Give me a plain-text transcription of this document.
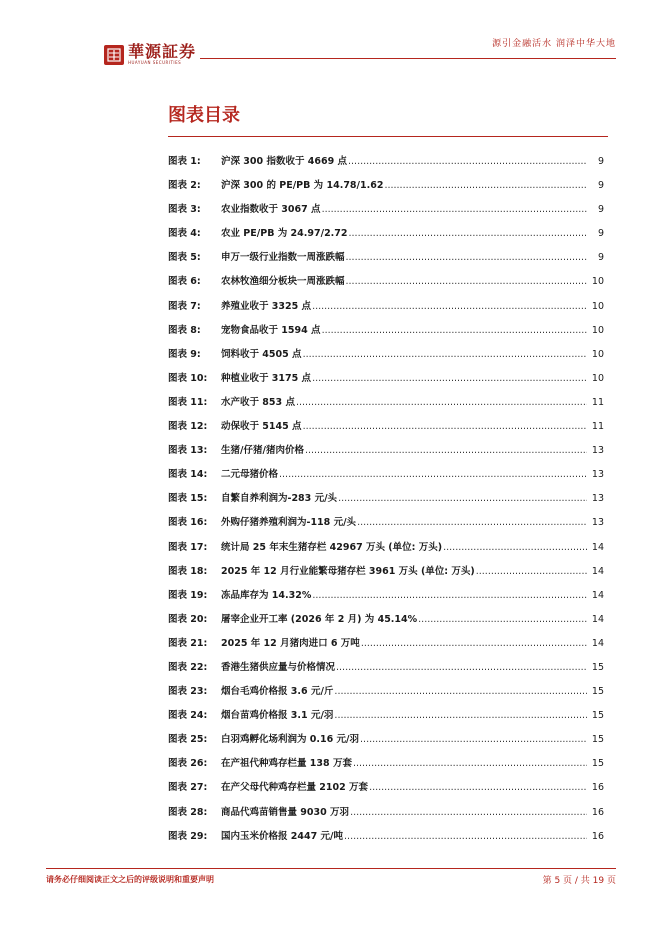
華源証券
HUAYUAN SECURITIES
源引金融活水 润泽中华大地
图表目录
图表 1:	沪深 300 指数收于 4669 点 .....	9
图表 2:	沪深 300 的 PE/PB 为 14.78/1.62 .....	9
图表 3:	农业指数收于 3067 点 .....	9
图表 4:	农业 PE/PB 为 24.97/2.72 .....	9
图表 5:	申万一级行业指数一周涨跌幅 .....	9
图表 6:	农林牧渔细分板块一周涨跌幅 .....	10
图表 7:	养殖业收于 3325 点 .....	10
图表 8:	宠物食品收于 1594 点 .....	10
图表 9:	饲料收于 4505 点 .....	10
图表 10:	种植业收于 3175 点 .....	10
图表 11:	水产收于 853 点 .....	11
图表 12:	动保收于 5145 点 .....	11
图表 13:	生猪/仔猪/猪肉价格 .....	13
图表 14:	二元母猪价格 .....	13
图表 15:	自繁自养利润为-283 元/头 .....	13
图表 16:	外购仔猪养殖利润为-118 元/头 .....	13
图表 17:	统计局 25 年末生猪存栏 42967 万头 (单位: 万头) .....	14
图表 18:	2025 年 12 月行业能繁母猪存栏 3961 万头 (单位: 万头) .....	14
图表 19:	冻品库存为 14.32% .....	14
图表 20:	屠宰企业开工率 (2026 年 2 月) 为 45.14% .....	14
图表 21:	2025 年 12 月猪肉进口 6 万吨 .....	14
图表 22:	香港生猪供应量与价格情况 .....	15
图表 23:	烟台毛鸡价格报 3.6 元/斤 .....	15
图表 24:	烟台苗鸡价格报 3.1 元/羽 .....	15
图表 25:	白羽鸡孵化场利润为 0.16 元/羽 .....	15
图表 26:	在产祖代种鸡存栏量 138 万套 .....	15
图表 27:	在产父母代种鸡存栏量 2102 万套 .....	16
图表 28:	商品代鸡苗销售量 9030 万羽 .....	16
图表 29:	国内玉米价格报 2447 元/吨 .....	16
请务必仔细阅读正文之后的评级说明和重要声明	第 5 页 / 共 19 页
